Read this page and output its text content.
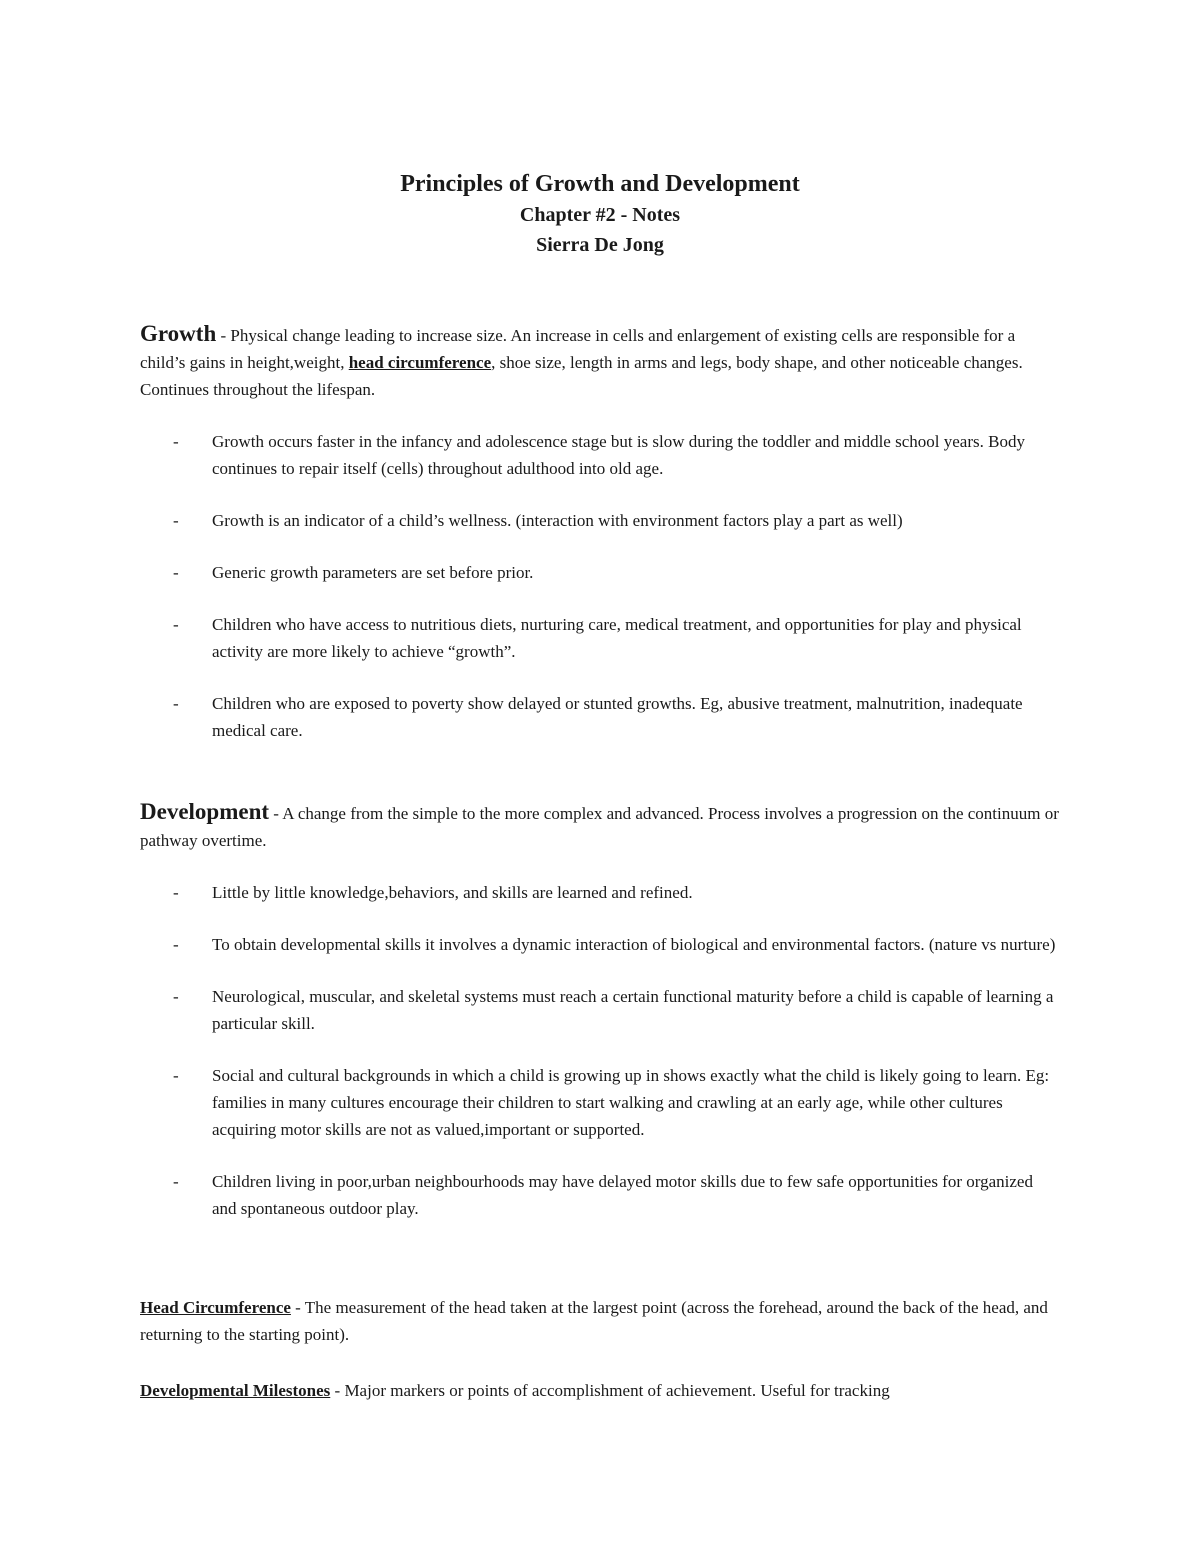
Principles of Growth and Development

Chapter #2 - Notes

Sierra De Jong

Growth - Physical change leading to increase size. An increase in cells and enlargement of existing cells are responsible for a child’s gains in height,weight, head circumference, shoe size, length in arms and legs, body shape, and other noticeable changes. Continues throughout the lifespan.

- Growth occurs faster in the infancy and adolescence stage but is slow during the toddler and middle school years. Body continues to repair itself (cells) throughout adulthood into old age.
- Growth is an indicator of a child’s wellness. (interaction with environment factors play a part as well)
- Generic growth parameters are set before prior.
- Children who have access to nutritious diets, nurturing care, medical treatment, and opportunities for play and physical activity are more likely to achieve “growth”.
- Children who are exposed to poverty show delayed or stunted growths. Eg, abusive treatment, malnutrition, inadequate medical care.

Development - A change from the simple to the more complex and advanced. Process involves a progression on the continuum or pathway overtime.

- Little by little knowledge,behaviors, and skills are learned and refined.
- To obtain developmental skills it involves a dynamic interaction of biological and environmental factors. (nature vs nurture)
- Neurological, muscular, and skeletal systems must reach a certain functional maturity before a child is capable of learning a particular skill.
- Social and cultural backgrounds in which a child is growing up in shows exactly what the child is likely going to learn. Eg: families in many cultures encourage their children to start walking and crawling at an early age, while other cultures acquiring motor skills are not as valued,important or supported.
- Children living in poor,urban neighbourhoods may have delayed motor skills due to few safe opportunities for organized and spontaneous outdoor play.

Head Circumference - The measurement of the head taken at the largest point (across the forehead, around the back of the head, and returning to the starting point).

Developmental Milestones - Major markers or points of accomplishment of achievement. Useful for tracking
